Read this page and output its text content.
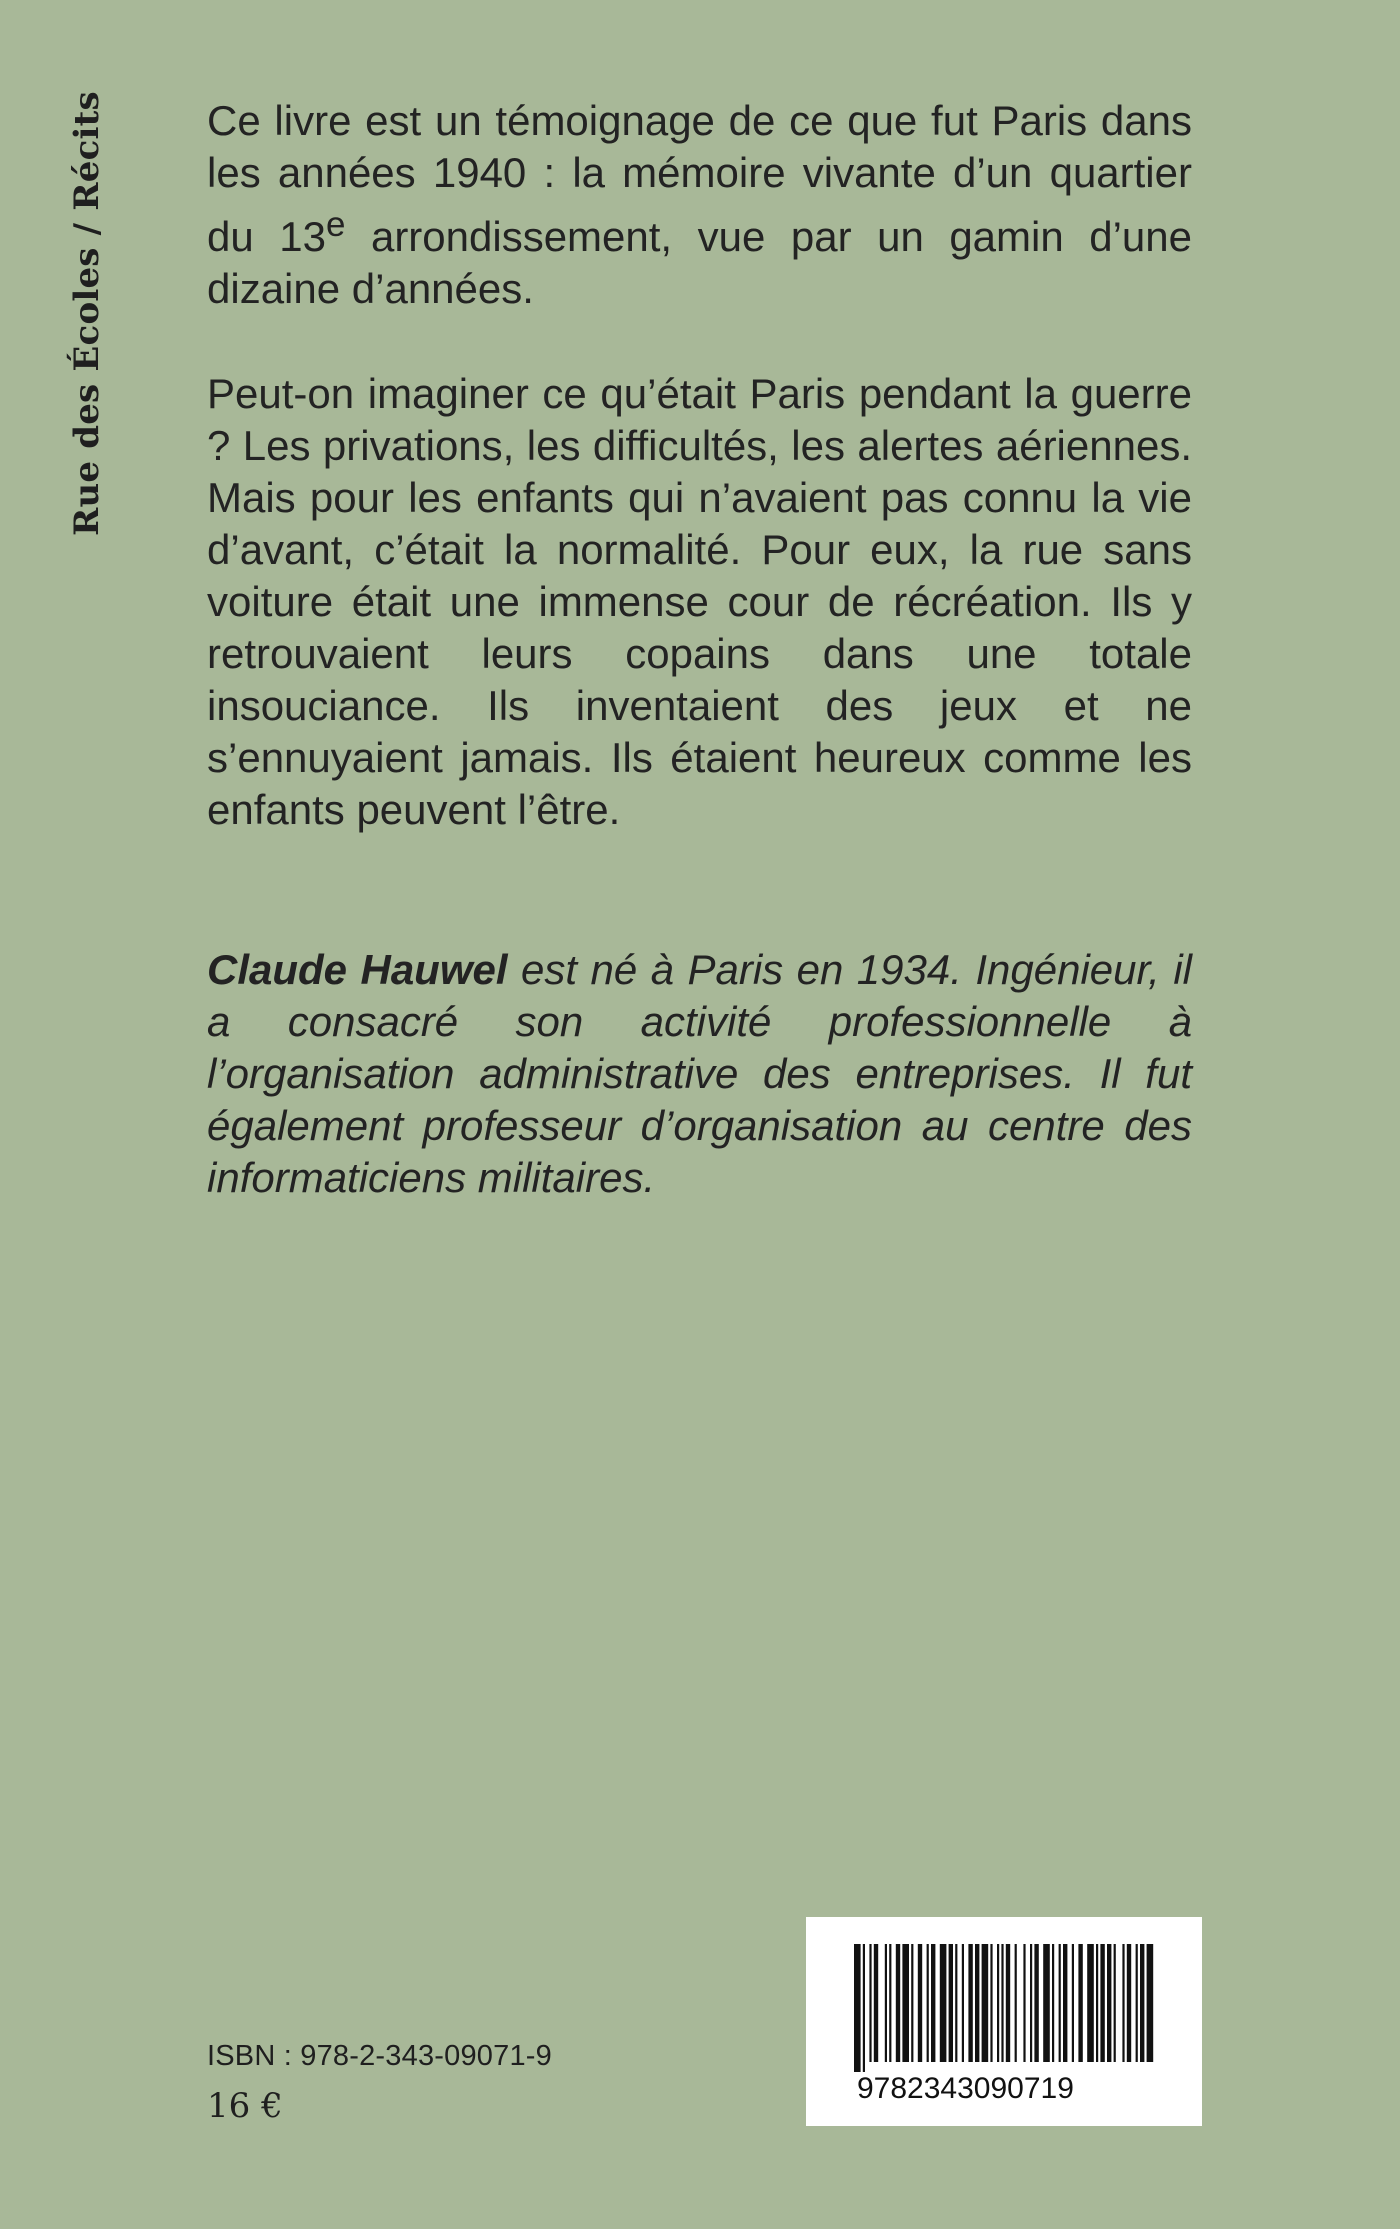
Rue des Écoles / Récits Ce livre est un témoignage de ce que fut Paris dans les années 1940 : la mémoire vivante d’un quartier du 13e arrondissement, vue par un gamin d’une dizaine d’années.

Peut-on imaginer ce qu’était Paris pendant la guerre ? Les privations, les difficultés, les alertes aériennes. Mais pour les enfants qui n’avaient pas connu la vie d’avant, c’était la normalité. Pour eux, la rue sans voiture était une immense cour de récréation. Ils y retrouvaient leurs copains dans une totale insouciance. Ils inventaient des jeux et ne s’ennuyaient jamais. Ils étaient heureux comme les enfants peuvent l’être.

Claude Hauwel est né à Paris en 1934. Ingénieur, il a consacré son activité professionnelle à l’organisation administrative des entreprises. Il fut également professeur d’organisation au centre des informaticiens militaires.

ISBN : 978-2-343-09071-9
16 €	9782343090719
